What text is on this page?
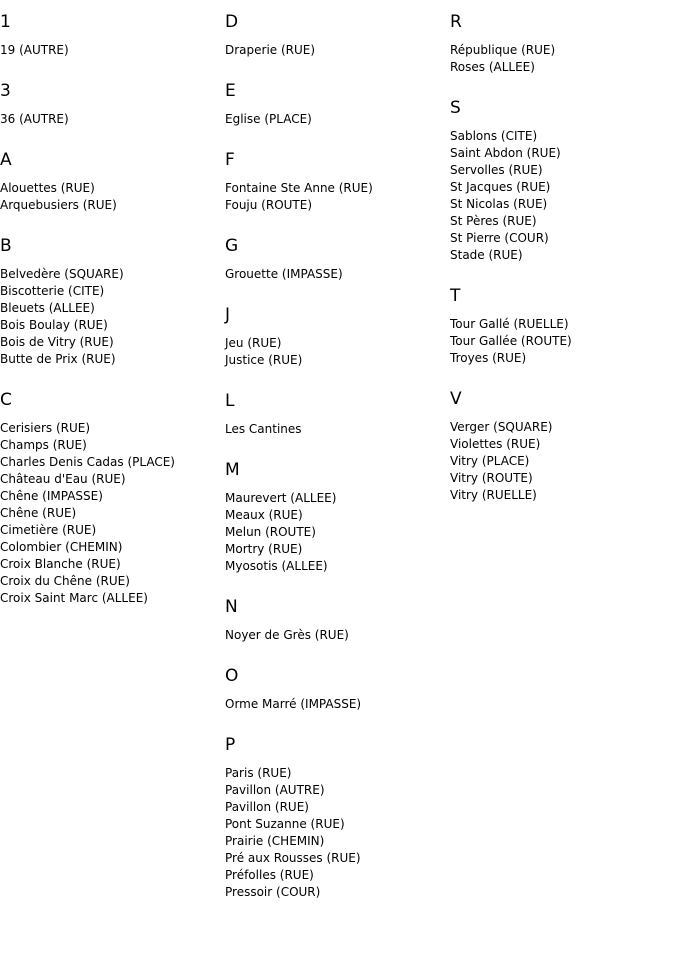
1
19 (AUTRE)
3
36 (AUTRE)
A
Alouettes (RUE)
Arquebusiers (RUE)
B
Belvedère (SQUARE)
Biscotterie (CITE)
Bleuets (ALLEE)
Bois Boulay (RUE)
Bois de Vitry (RUE)
Butte de Prix (RUE)
C
Cerisiers (RUE)
Champs (RUE)
Charles Denis Cadas (PLACE)
Château d'Eau (RUE)
Chêne (IMPASSE)
Chêne (RUE)
Cimetière (RUE)
Colombier (CHEMIN)
Croix Blanche (RUE)
Croix du Chêne (RUE)
Croix Saint Marc (ALLEE)
D
Draperie (RUE)
E
Eglise (PLACE)
F
Fontaine Ste Anne (RUE)
Fouju (ROUTE)
G
Grouette (IMPASSE)
J
Jeu (RUE)
Justice (RUE)
L
Les Cantines
M
Maurevert (ALLEE)
Meaux (RUE)
Melun (ROUTE)
Mortry (RUE)
Myosotis (ALLEE)
N
Noyer de Grès (RUE)
O
Orme Marré (IMPASSE)
P
Paris (RUE)
Pavillon (AUTRE)
Pavillon (RUE)
Pont Suzanne (RUE)
Prairie (CHEMIN)
Pré aux Rousses (RUE)
Préfolles (RUE)
Pressoir (COUR)
R
République (RUE)
Roses (ALLEE)
S
Sablons (CITE)
Saint Abdon (RUE)
Servolles (RUE)
St Jacques (RUE)
St Nicolas (RUE)
St Pères (RUE)
St Pierre (COUR)
Stade (RUE)
T
Tour Gallé (RUELLE)
Tour Gallée (ROUTE)
Troyes (RUE)
V
Verger (SQUARE)
Violettes (RUE)
Vitry (PLACE)
Vitry (ROUTE)
Vitry (RUELLE)
